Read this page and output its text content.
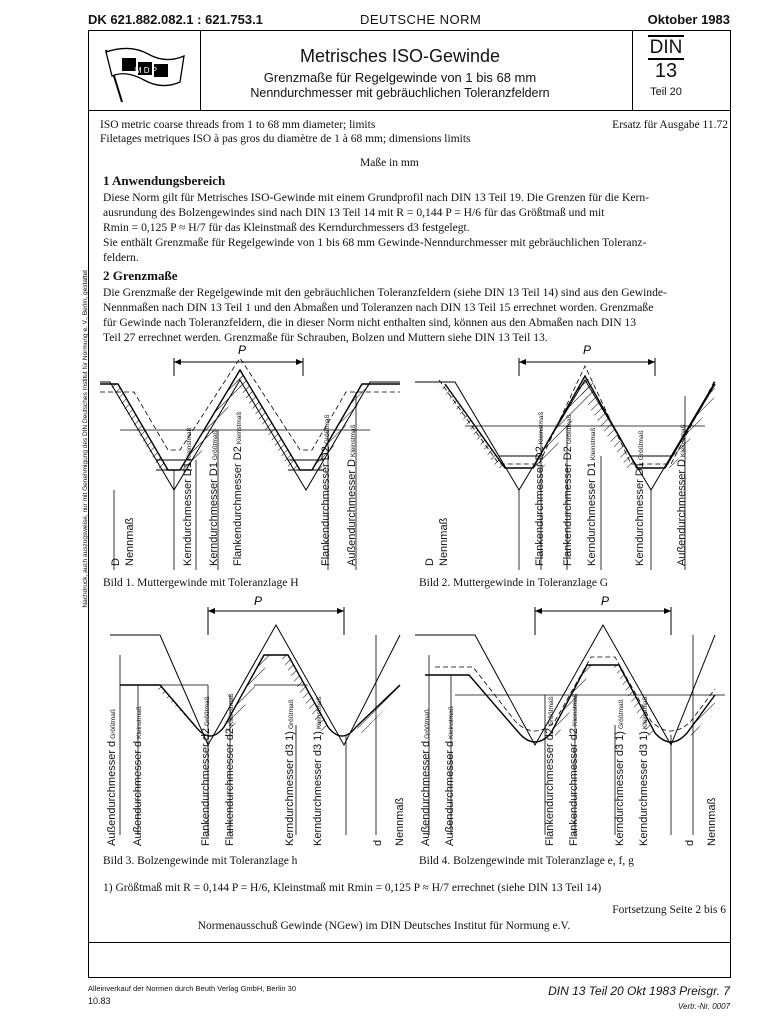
DK 621.882.082.1 : 621.753.1	DEUTSCHE NORM	Oktober 1983
M D P
Metrisches ISO-Gewinde
Grenzmaße für Regelgewinde von 1 bis 68 mm
Nenndurchmesser mit gebräuchlichen Toleranzfeldern
DIN
13
Teil 20
ISO metric coarse threads from 1 to 68 mm diameter; limits
Filetages metriques ISO à pas gros du diamètre de 1 à 68 mm; dimensions limits
Ersatz für Ausgabe 11.72
Maße in mm
1 Anwendungsbereich
Diese Norm gilt für Metrisches ISO-Gewinde mit einem Grundprofil nach DIN 13 Teil 19. Die Grenzen für die Kern-
ausrundung des Bolzengewindes sind nach DIN 13 Teil 14 mit R = 0,144 P = H/6 für das Größtmaß und mit
Rmin = 0,125 P ≈ H/7 für das Kleinstmaß des Kerndurchmessers d3 festgelegt.
Sie enthält Grenzmaße für Regelgewinde von 1 bis 68 mm Gewinde-Nenndurchmesser mit gebräuchlichen Toleranz-
feldern.
2 Grenzmaße
Die Grenzmaße der Regelgewinde mit den gebräuchlichen Toleranzfeldern (siehe DIN 13 Teil 14) sind aus den Gewinde-
Nennmaßen nach DIN 13 Teil 1 und den Abmaßen und Toleranzen nach DIN 13 Teil 15 errechnet worden. Grenzmaße
für Gewinde nach Toleranzfeldern, die in dieser Norm nicht enthalten sind, können aus den Abmaßen nach DIN 13
Teil 27 errechnet werden. Grenzmaße für Schrauben, Bolzen und Muttern siehe DIN 13 Teil 13.
Nachdruck, auch auszugsweise, nur mit Genehmigung des DIN Deutsches Institut für Normung e. V., Berlin, gestattet	P
D Nennmaß	Kerndurchmesser D1Kleinstmaß
Kerndurchmesser D1Größtmaß
Flankendurchmesser D2Kleinstmaß
Flankendurchmesser D2Größtmaß
Außendurchmesser DKleinstmaß
Bild 1. Muttergewinde mit Toleranzlage H
P
D Nennmaß	Flankendurchmesser D2Kleinstmaß
Flankendurchmesser D2Größtmaß
Kerndurchmesser D1Kleinstmaß
Kerndurchmesser D1Größtmaß
Außendurchmesser DKleinstmaß
Bild 2. Muttergewinde in Toleranzlage G
P
Außendurchmesser dGrößtmaß
Außendurchmesser dKleinstmaß
Flankendurchmesser d2Größtmaß
Flankendurchmesser d2Kleinstmaß
Kerndurchmesser d3 1)Größtmaß
Kerndurchmesser d3 1)Kleinstmaß
d Nennmaß
Bild 3. Bolzengewinde mit Toleranzlage h
P
Außendurchmesser dGrößtmaß
Außendurchmesser dKleinstmaß
Flankendurchmesser d2Größtmaß
Flankendurchmesser d2Kleinstmaß
Kerndurchmesser d3 1)Größtmaß
Kerndurchmesser d3 1)Kleinstmaß
d Nennmaß
Bild 4. Bolzengewinde mit Toleranzlage e, f, g
1) Größtmaß mit R = 0,144 P = H/6, Kleinstmaß mit Rmin = 0,125 P ≈ H/7 errechnet (siehe DIN 13 Teil 14)
Fortsetzung Seite 2 bis 6
Normenausschuß Gewinde (NGew) im DIN Deutsches Institut für Normung e.V.
Alleinverkauf der Normen durch Beuth Verlag GmbH, Berlin 30
10.83
DIN 13 Teil 20 Okt 1983 Preisgr. 7
Vertr.-Nr. 0007
